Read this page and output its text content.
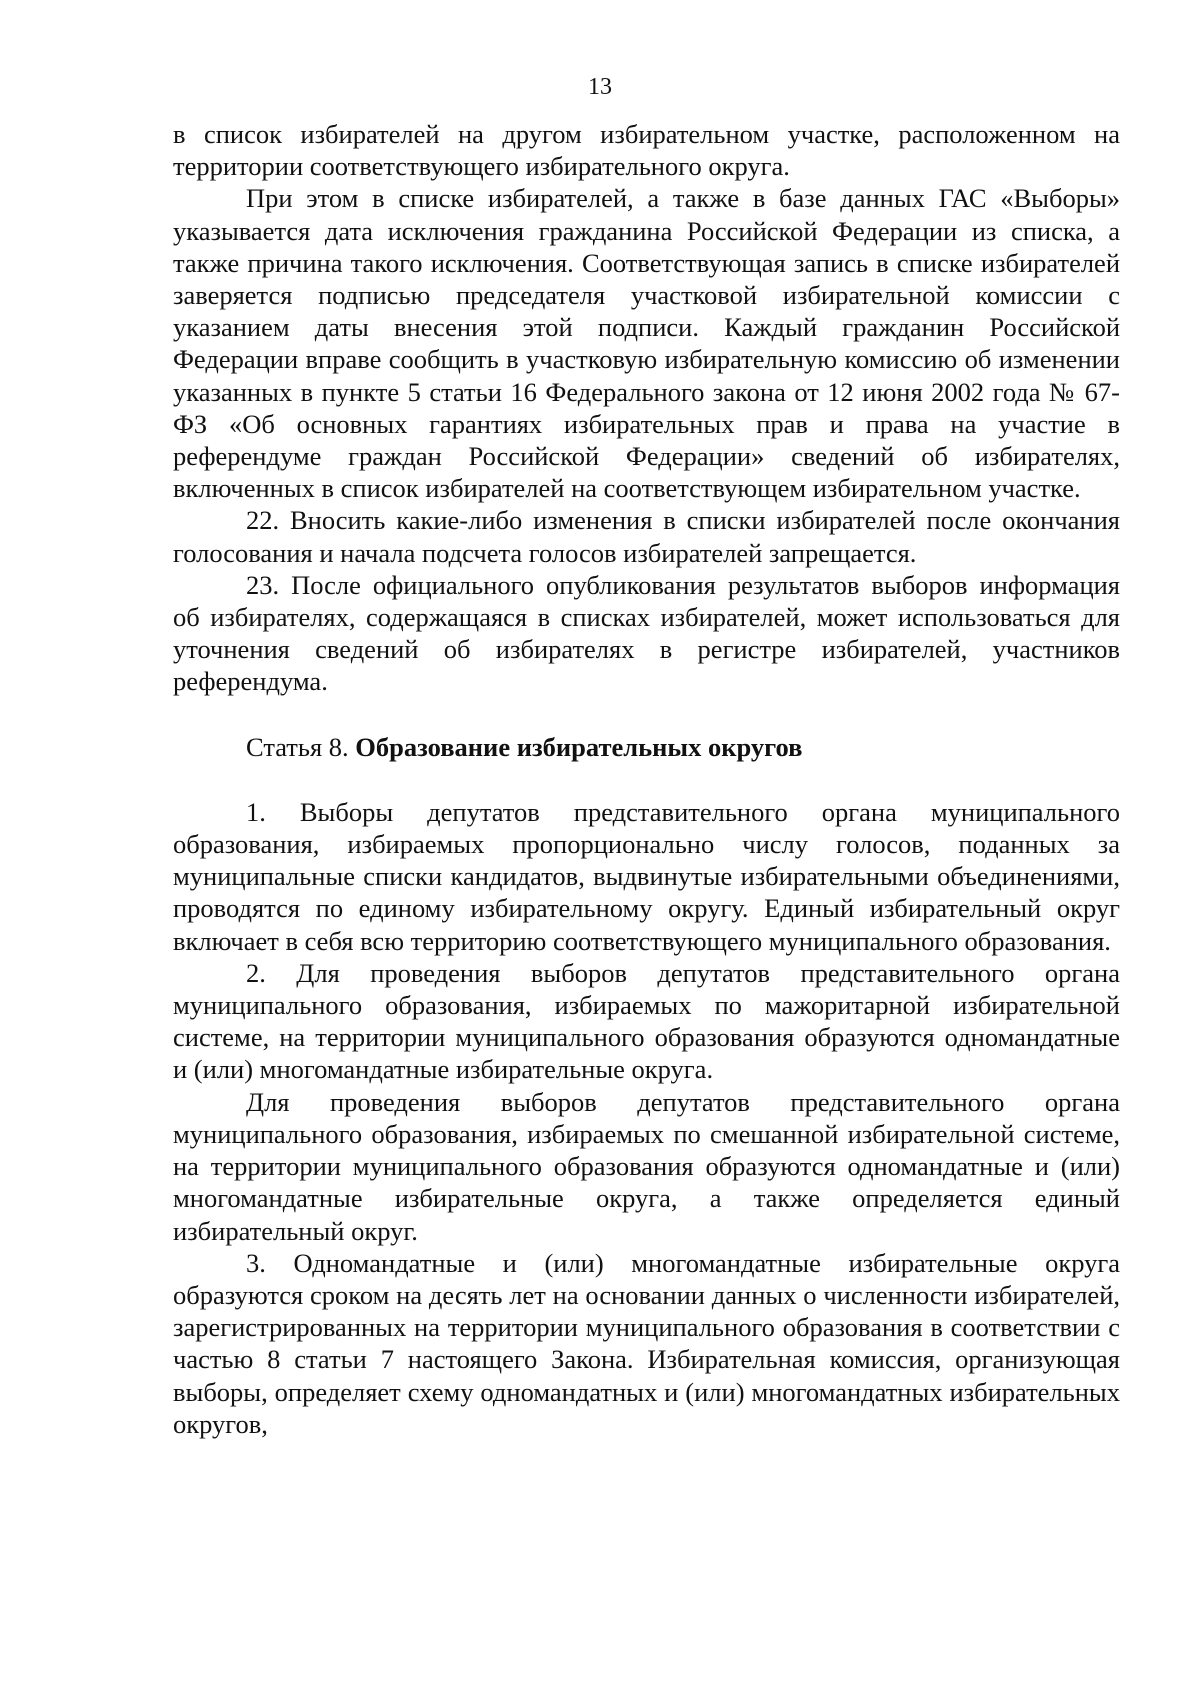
13

в список избирателей на другом избирательном участке, расположенном на территории соответствующего избирательного округа.

При этом в списке избирателей, а также в базе данных ГАС «Выборы» указывается дата исключения гражданина Российской Федерации из списка, а также причина такого исключения. Соответствующая запись в списке избирателей заверяется подписью председателя участковой избирательной комиссии с указанием даты внесения этой подписи. Каждый гражданин Российской Федерации вправе сообщить в участковую избирательную комиссию об изменении указанных в пункте 5 статьи 16 Федерального закона от 12 июня 2002 года № 67-ФЗ «Об основных гарантиях избирательных прав и права на участие в референдуме граждан Российской Федерации» сведений об избирателях, включенных в список избирателей на соответствующем избирательном участке.

22. Вносить какие-либо изменения в списки избирателей после окончания голосования и начала подсчета голосов избирателей запрещается.

23. После официального опубликования результатов выборов информация об избирателях, содержащаяся в списках избирателей, может использоваться для уточнения сведений об избирателях в регистре избирателей, участников референдума.

Статья 8. Образование избирательных округов

1. Выборы депутатов представительного органа муниципального образования, избираемых пропорционально числу голосов, поданных за муниципальные списки кандидатов, выдвинутые избирательными объединениями, проводятся по единому избирательному округу. Единый избирательный округ включает в себя всю территорию соответствующего муниципального образования.

2. Для проведения выборов депутатов представительного органа муниципального образования, избираемых по мажоритарной избирательной системе, на территории муниципального образования образуются одномандатные и (или) многомандатные избирательные округа.

Для проведения выборов депутатов представительного органа муниципального образования, избираемых по смешанной избирательной системе, на территории муниципального образования образуются одномандатные и (или) многомандатные избирательные округа, а также определяется единый избирательный округ.

3. Одномандатные и (или) многомандатные избирательные округа образуются сроком на десять лет на основании данных о численности избирателей, зарегистрированных на территории муниципального образования в соответствии с частью 8 статьи 7 настоящего Закона. Избирательная комиссия, организующая выборы, определяет схему одномандатных и (или) многомандатных избирательных округов,
